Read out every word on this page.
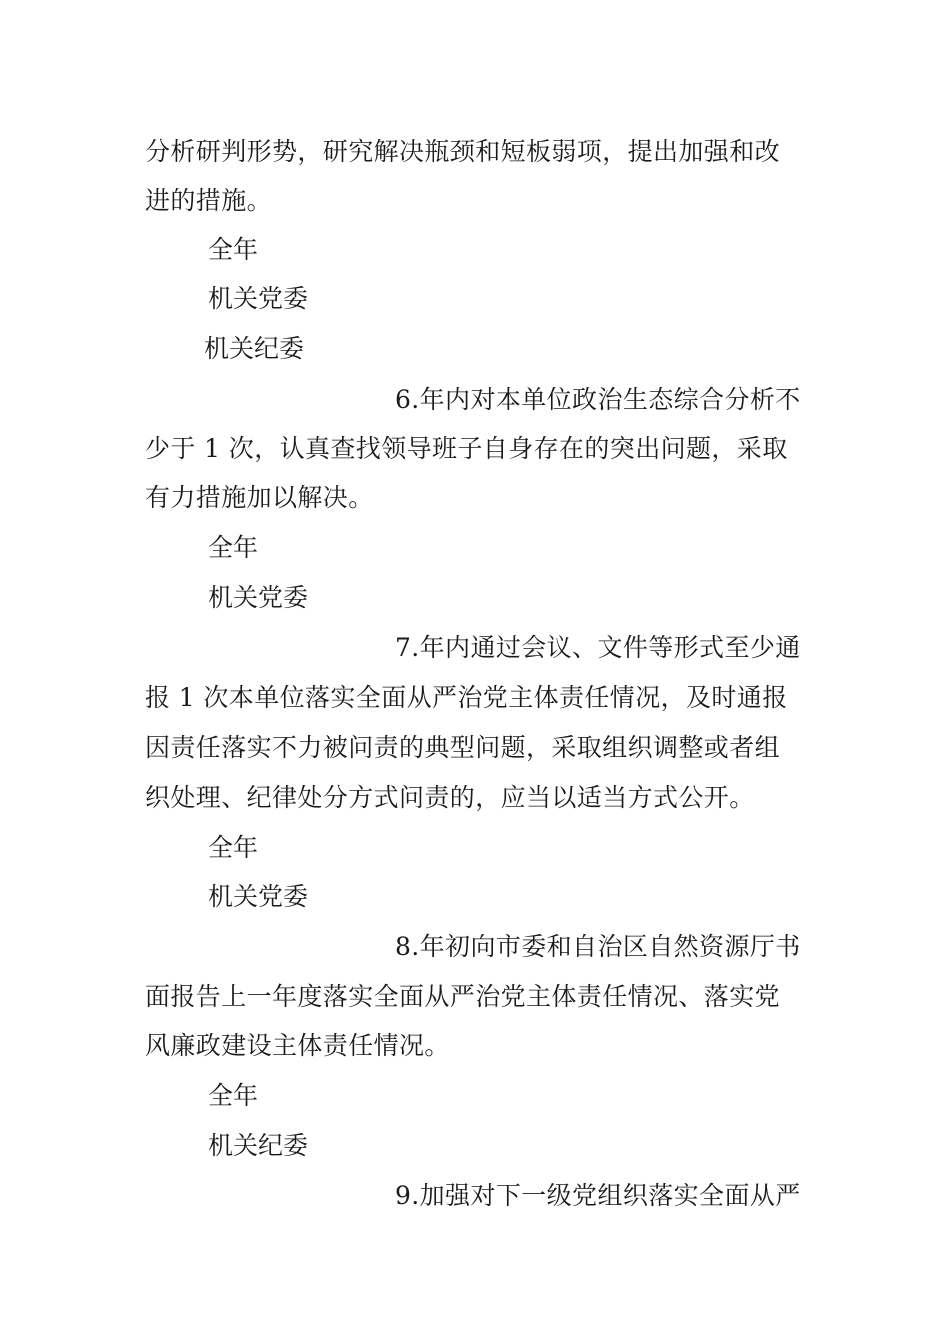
分析研判形势，研究解决瓶颈和短板弱项，提出加强和改
进的措施。
全年
机关党委
机关纪委
6.年内对本单位政治生态综合分析不
少于 1 次，认真查找领导班子自身存在的突出问题，采取
有力措施加以解决。
全年
机关党委
7.年内通过会议、文件等形式至少通
报 1 次本单位落实全面从严治党主体责任情况，及时通报
因责任落实不力被问责的典型问题，采取组织调整或者组
织处理、纪律处分方式问责的，应当以适当方式公开。
全年
机关党委
8.年初向市委和自治区自然资源厅书
面报告上一年度落实全面从严治党主体责任情况、落实党
风廉政建设主体责任情况。
全年
机关纪委
9.加强对下一级党组织落实全面从严
